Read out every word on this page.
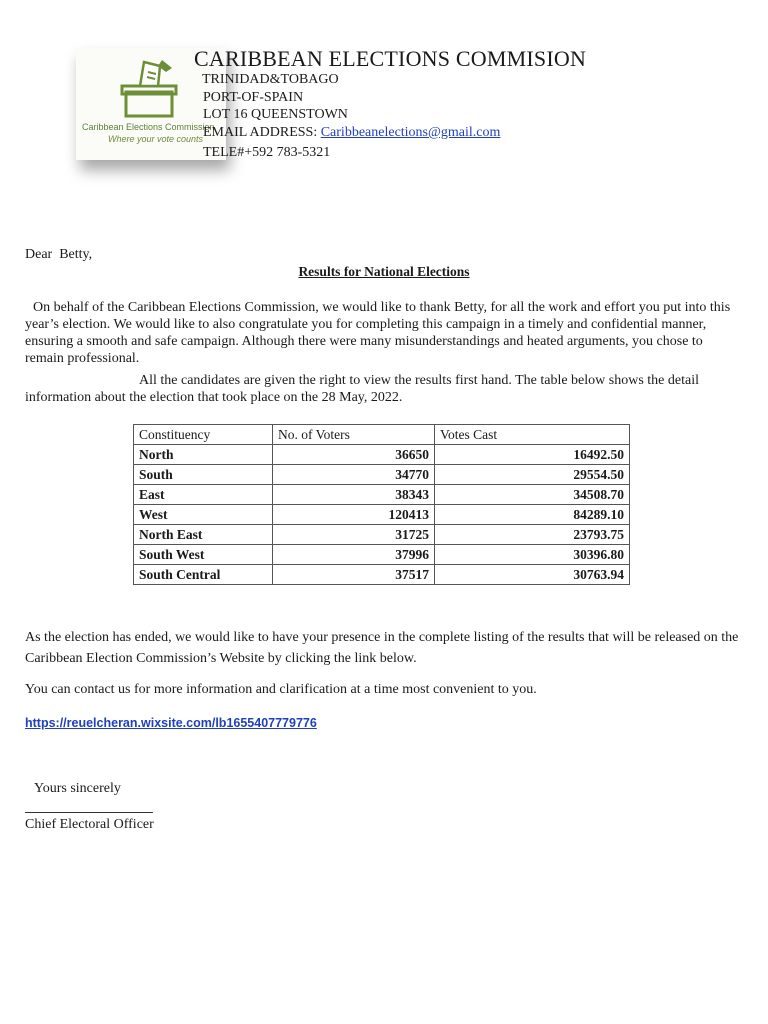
Caribbean Elections Commission
Where your vote counts
CARIBBEAN ELECTIONS COMMISION
TRINIDAD&TOBAGO
PORT-OF-SPAIN
LOT 16 QUEENSTOWN
EMAIL ADDRESS: Caribbeanelections@gmail.com
TELE#+592 783-5321
Dear  Betty,
Results for National Elections
On behalf of the Caribbean Elections Commission, we would like to thank Betty, for all the work and effort you put into this year’s election. We would like to also congratulate you for completing this campaign in a timely and confidential manner, ensuring a smooth and safe campaign. Although there were many misunderstandings and heated arguments, you chose to remain professional.
All the candidates are given the right to view the results first hand. The table below shows the detail information about the election that took place on the 28 May, 2022.
Constituency	No. of Voters	Votes Cast
North	36650	16492.50
South	34770	29554.50
East	38343	34508.70
West	120413	84289.10
North East	31725	23793.75
South West	37996	30396.80
South Central	37517	30763.94
As the election has ended, we would like to have your presence in the complete listing of the results that will be released on the Caribbean Election Commission’s Website by clicking the link below.
You can contact us for more information and clarification at a time most convenient to you.
https://reuelcheran.wixsite.com/lb1655407779776
Yours sincerely
Chief Electoral Officer
